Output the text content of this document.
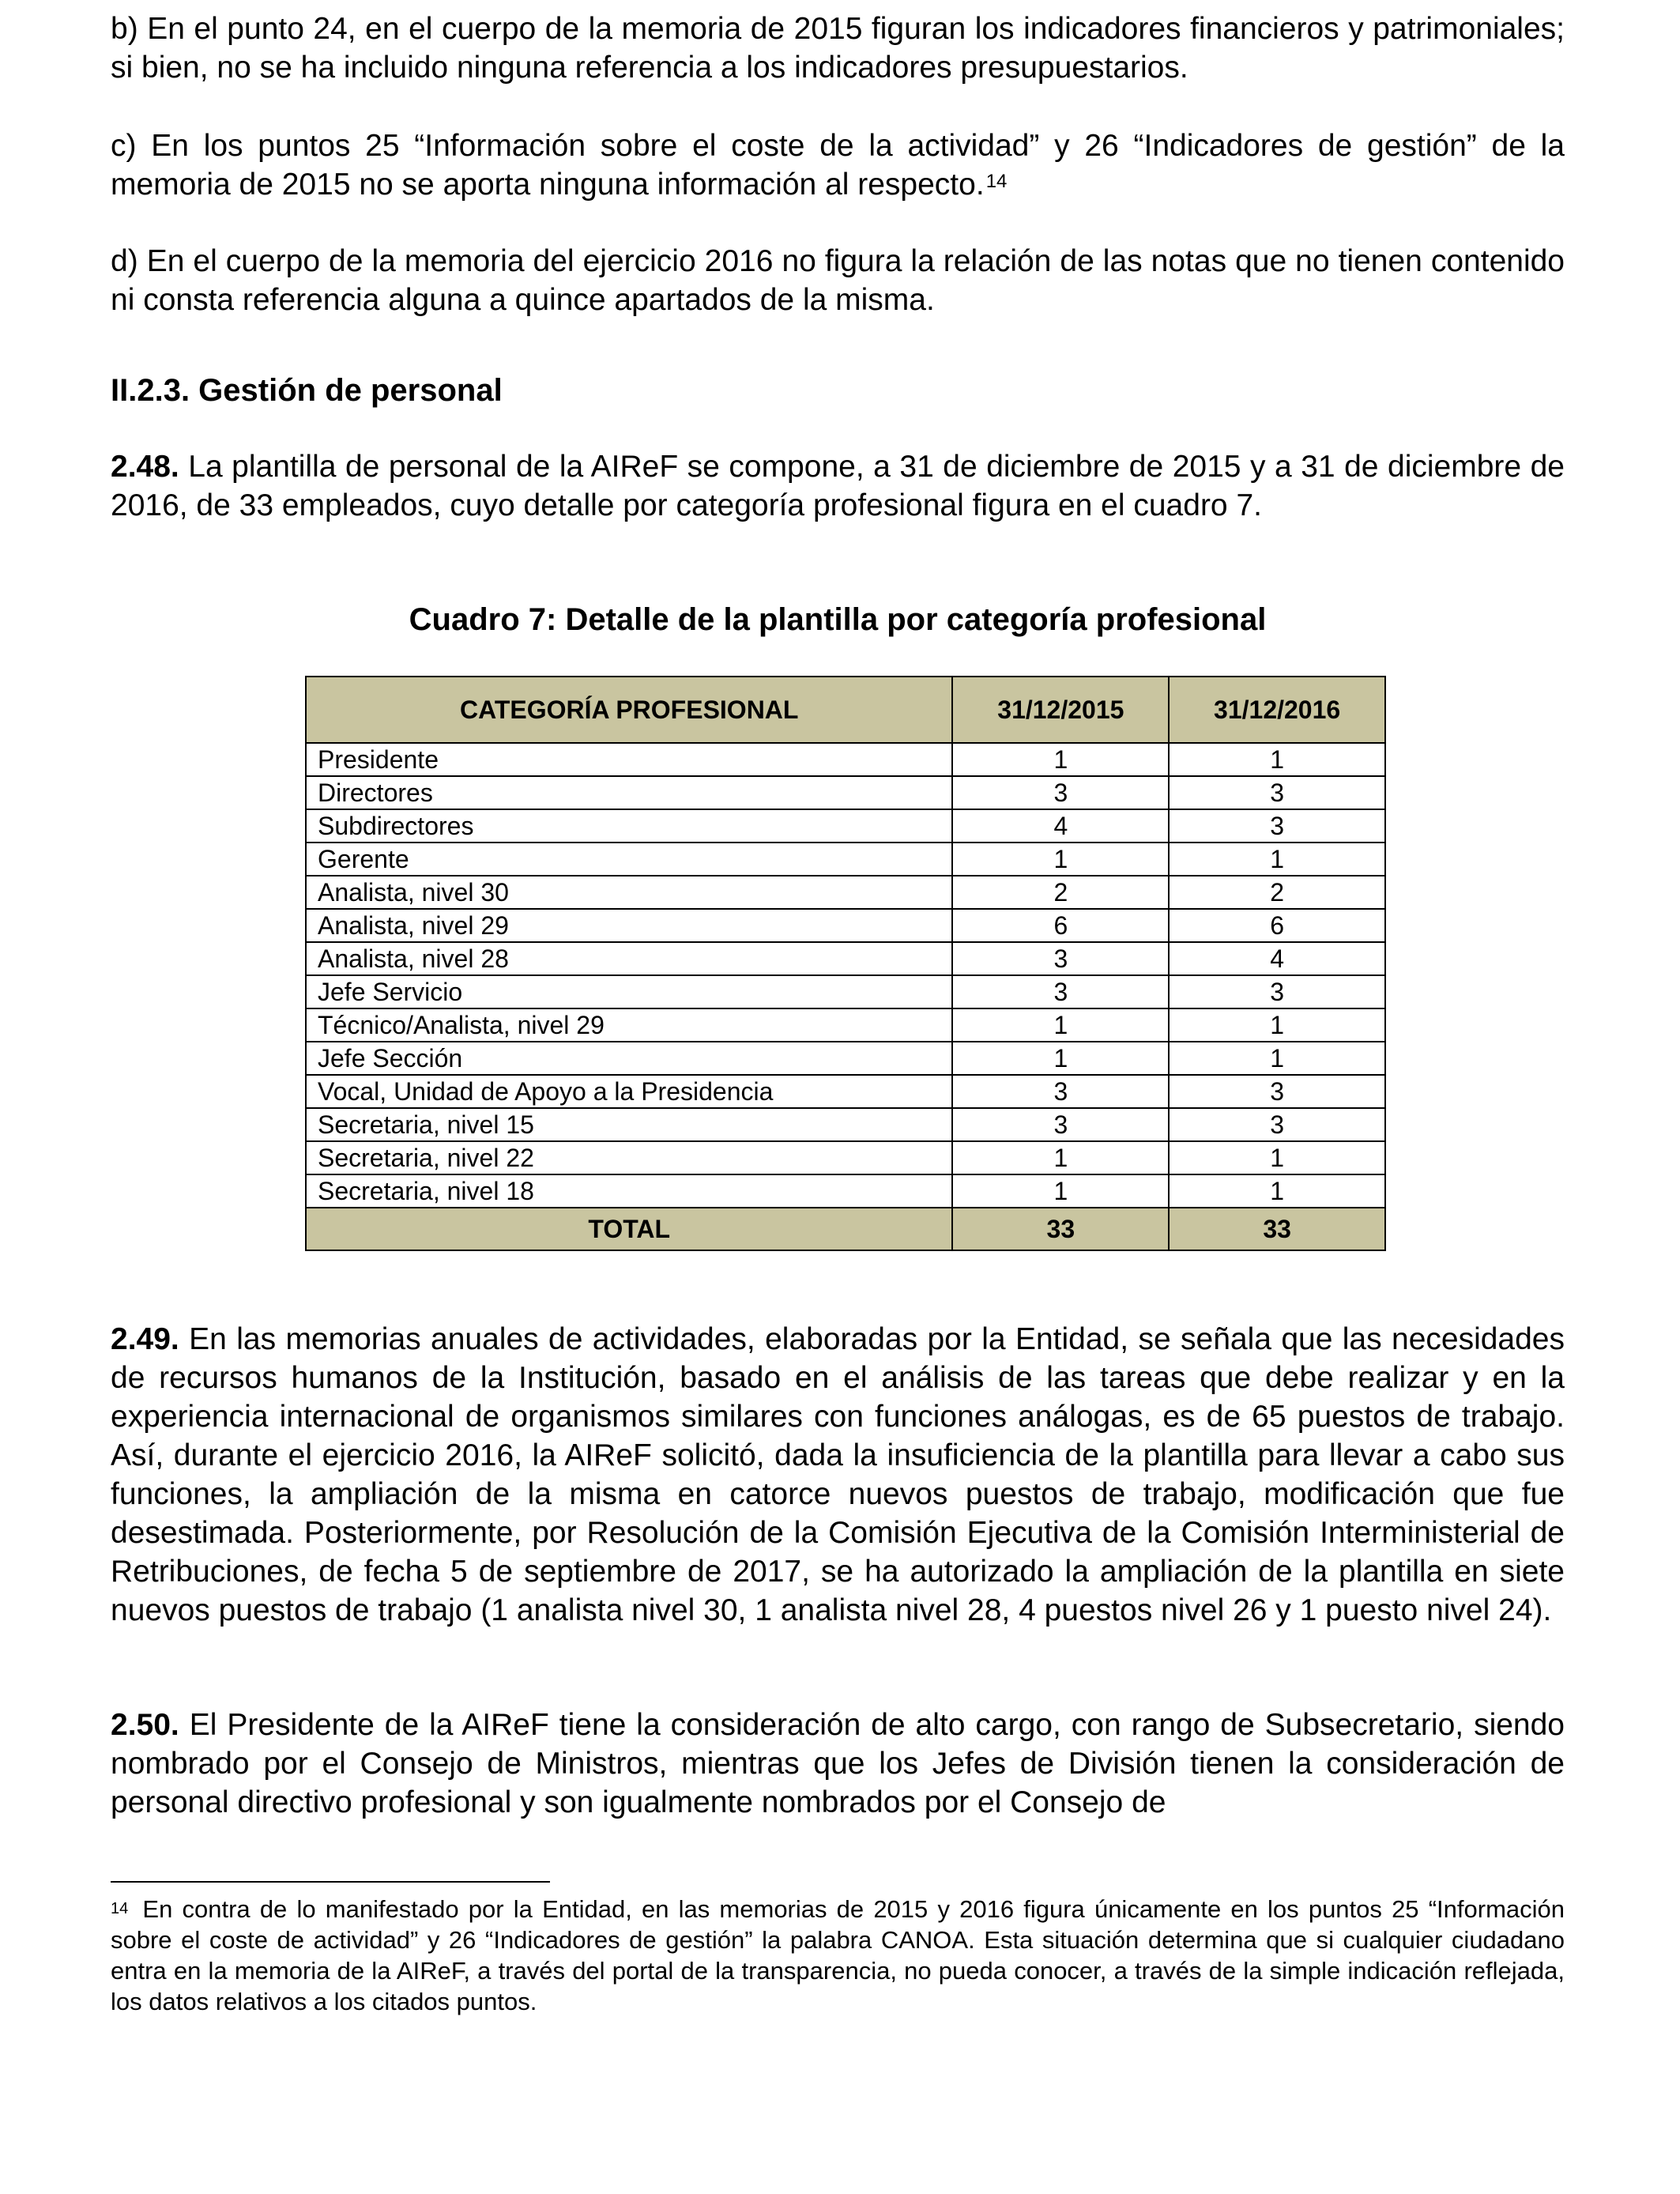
b) En el punto 24, en el cuerpo de la memoria de 2015 figuran los indicadores financieros y patrimoniales; si bien, no se ha incluido ninguna referencia a los indicadores presupuestarios.

c) En los puntos 25 “Información sobre el coste de la actividad” y 26 “Indicadores de gestión” de la memoria de 2015 no se aporta ninguna información al respecto.$^{14}$

d) En el cuerpo de la memoria del ejercicio 2016 no figura la relación de las notas que no tienen contenido ni consta referencia alguna a quince apartados de la misma.

II.2.3. Gestión de personal

2.48. La plantilla de personal de la AIReF se compone, a 31 de diciembre de 2015 y a 31 de diciembre de 2016, de 33 empleados, cuyo detalle por categoría profesional figura en el cuadro 7.

Cuadro 7: Detalle de la plantilla por categoría profesional

CATEGORÍA PROFESIONAL	31/12/2015	31/12/2016
Presidente	1	1
Directores	3	3
Subdirectores	4	3
Gerente	1	1
Analista, nivel 30	2	2
Analista, nivel 29	6	6
Analista, nivel 28	3	4
Jefe Servicio	3	3
Técnico/Analista, nivel 29	1	1
Jefe Sección	1	1
Vocal, Unidad de Apoyo a la Presidencia	3	3
Secretaria, nivel 15	3	3
Secretaria, nivel 22	1	1
Secretaria, nivel 18	1	1
TOTAL	33	33

2.49. En las memorias anuales de actividades, elaboradas por la Entidad, se señala que las necesidades de recursos humanos de la Institución, basado en el análisis de las tareas que debe realizar y en la experiencia internacional de organismos similares con funciones análogas, es de 65 puestos de trabajo. Así, durante el ejercicio 2016, la AIReF solicitó, dada la insuficiencia de la plantilla para llevar a cabo sus funciones, la ampliación de la misma en catorce nuevos puestos de trabajo, modificación que fue desestimada. Posteriormente, por Resolución de la Comisión Ejecutiva de la Comisión Interministerial de Retribuciones, de fecha 5 de septiembre de 2017, se ha autorizado la ampliación de la plantilla en siete nuevos puestos de trabajo (1 analista nivel 30, 1 analista nivel 28, 4 puestos nivel 26 y 1 puesto nivel 24).

2.50. El Presidente de la AIReF tiene la consideración de alto cargo, con rango de Subsecretario, siendo nombrado por el Consejo de Ministros, mientras que los Jefes de División tienen la consideración de personal directivo profesional y son igualmente nombrados por el Consejo de

$^{14}$ En contra de lo manifestado por la Entidad, en las memorias de 2015 y 2016 figura únicamente en los puntos 25 “Información sobre el coste de actividad” y 26 “Indicadores de gestión” la palabra CANOA. Esta situación determina que si cualquier ciudadano entra en la memoria de la AIReF, a través del portal de la transparencia, no pueda conocer, a través de la simple indicación reflejada, los datos relativos a los citados puntos.
